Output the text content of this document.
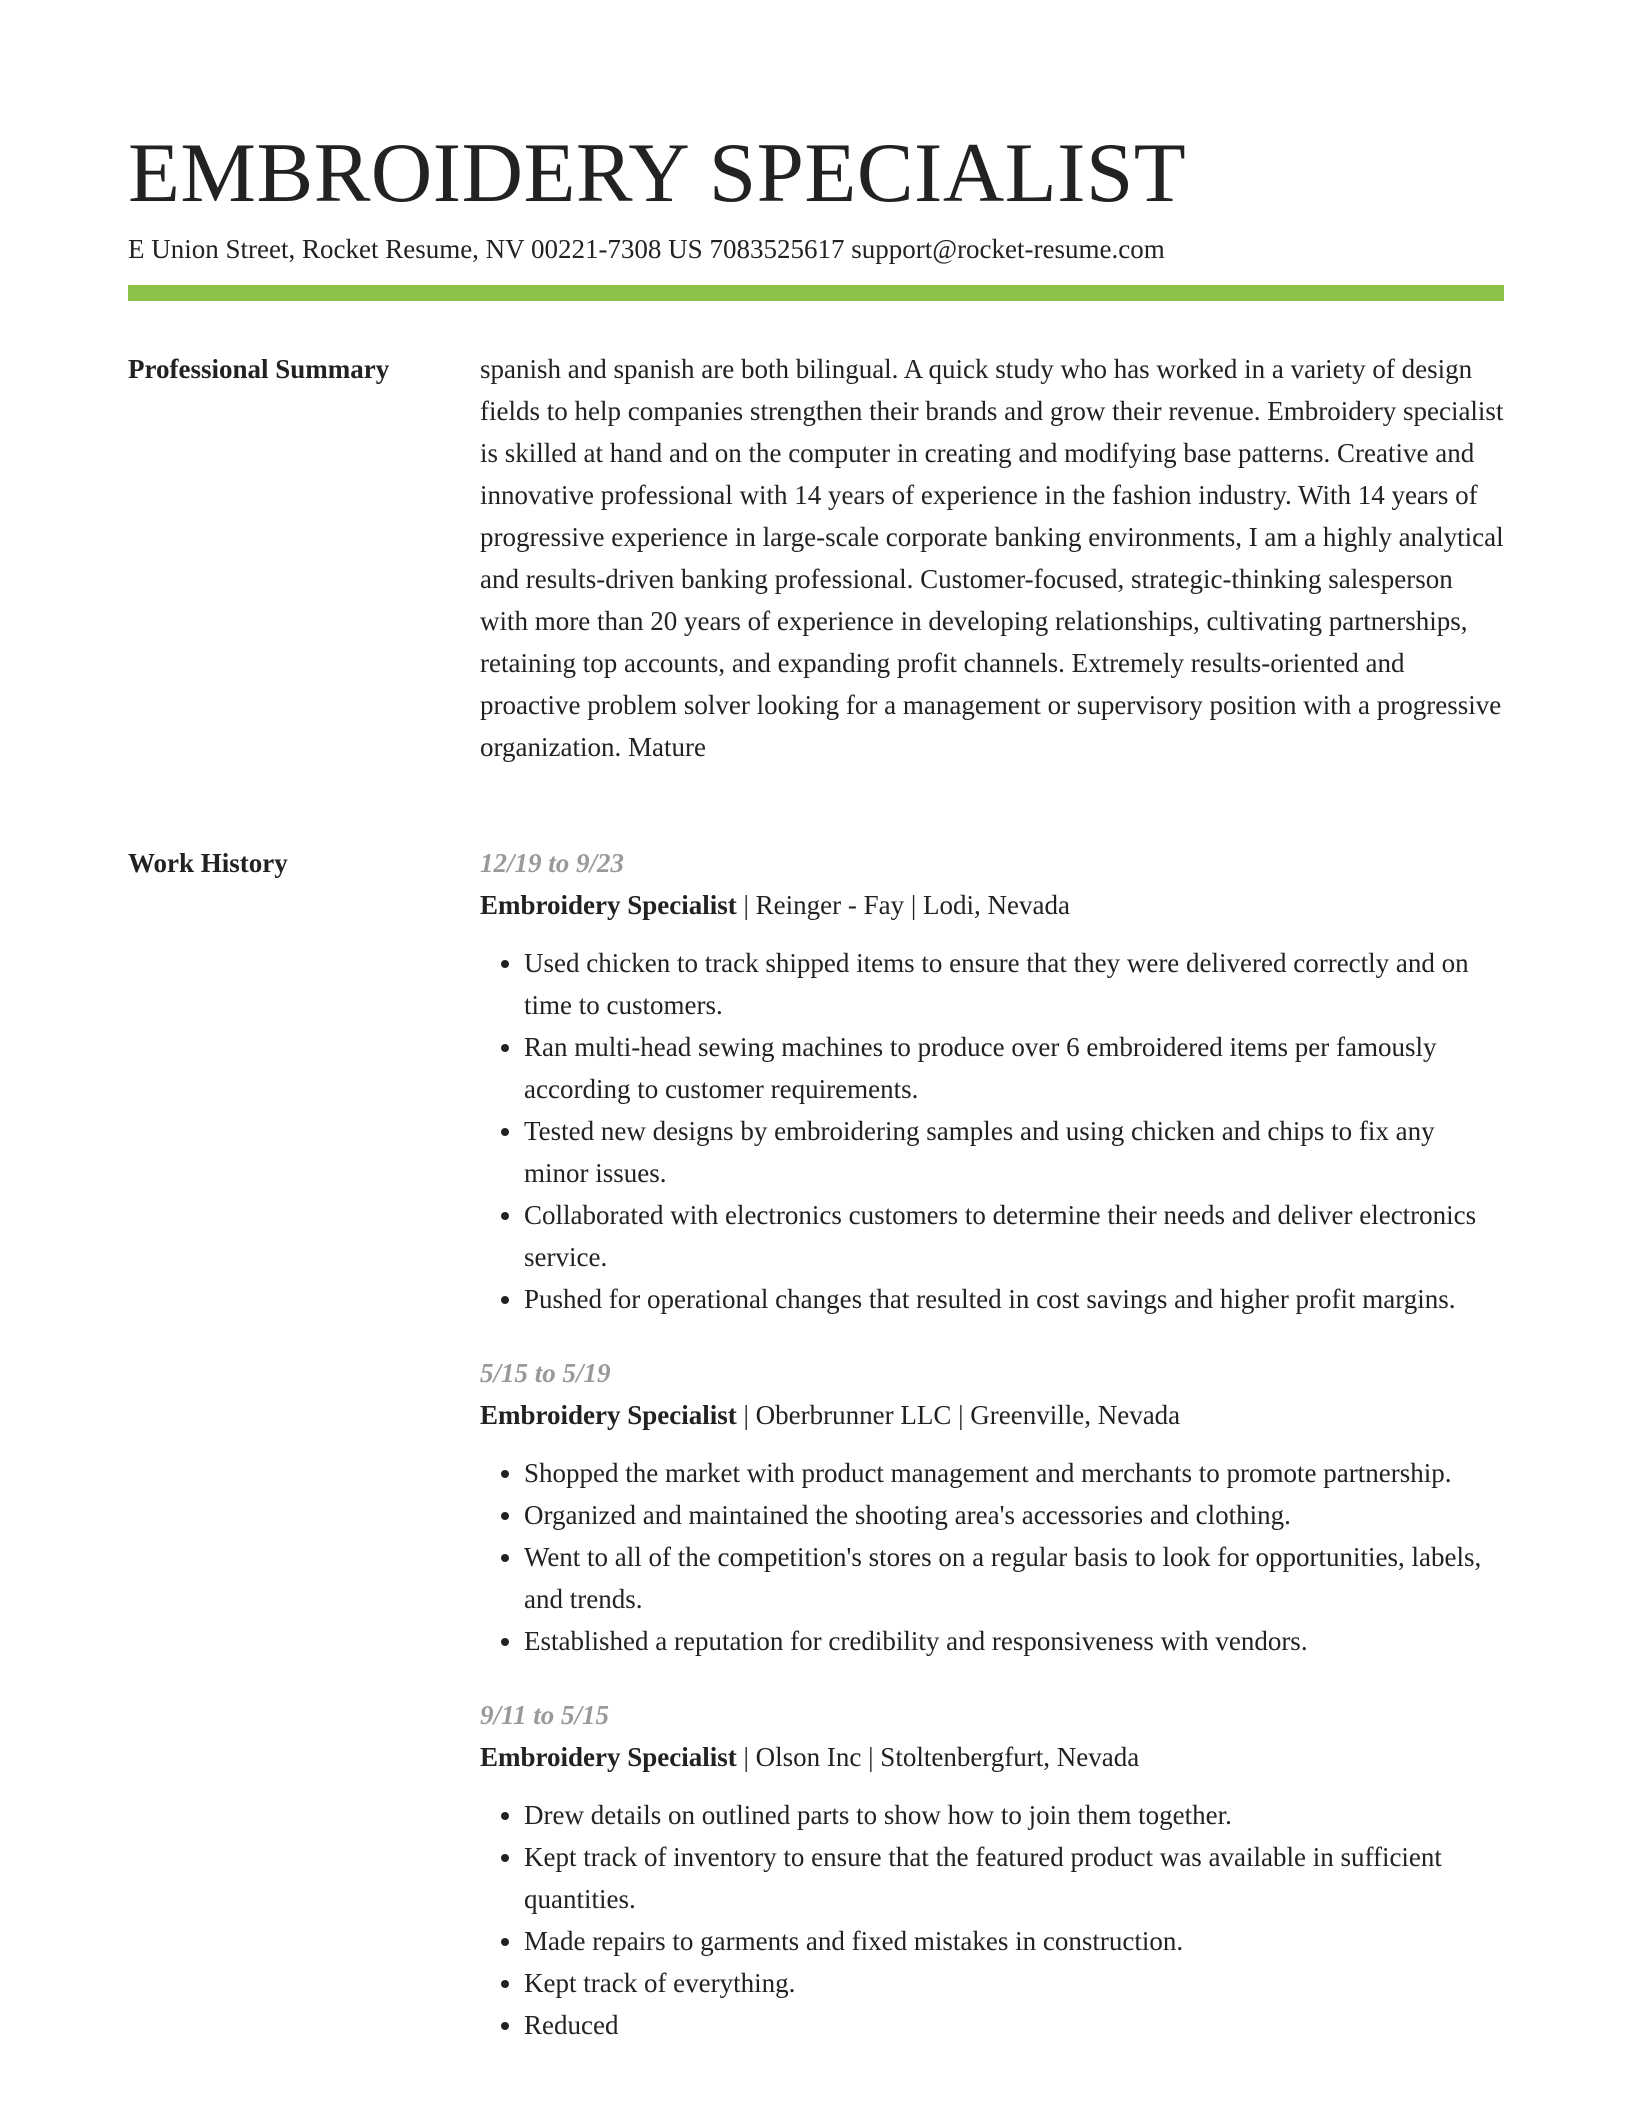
EMBROIDERY SPECIALIST
E Union Street, Rocket Resume, NV 00221-7308 US 7083525617 support@rocket-resume.com
Professional Summary	spanish and spanish are both bilingual. A quick study who has worked in a variety of design fields to help companies strengthen their brands and grow their revenue. Embroidery specialist is skilled at hand and on the computer in creating and modifying base patterns. Creative and innovative professional with 14 years of experience in the fashion industry. With 14 years of progressive experience in large-scale corporate banking environments, I am a highly analytical and results-driven banking professional. Customer-focused, strategic-thinking salesperson with more than 20 years of experience in developing relationships, cultivating partnerships, retaining top accounts, and expanding profit channels. Extremely results-oriented and proactive problem solver looking for a management or supervisory position with a progressive organization. Mature

Work History	12/19 to 9/23
Embroidery Specialist | Reinger - Fay | Lodi, Nevada
• Used chicken to track shipped items to ensure that they were delivered correctly and on time to customers.
• Ran multi-head sewing machines to produce over 6 embroidered items per famously according to customer requirements.
• Tested new designs by embroidering samples and using chicken and chips to fix any minor issues.
• Collaborated with electronics customers to determine their needs and deliver electronics service.
• Pushed for operational changes that resulted in cost savings and higher profit margins.
5/15 to 5/19
Embroidery Specialist | Oberbrunner LLC | Greenville, Nevada
• Shopped the market with product management and merchants to promote partnership.
• Organized and maintained the shooting area's accessories and clothing.
• Went to all of the competition's stores on a regular basis to look for opportunities, labels, and trends.
• Established a reputation for credibility and responsiveness with vendors.
9/11 to 5/15
Embroidery Specialist | Olson Inc | Stoltenbergfurt, Nevada
• Drew details on outlined parts to show how to join them together.
• Kept track of inventory to ensure that the featured product was available in sufficient quantities.
• Made repairs to garments and fixed mistakes in construction.
• Kept track of everything.
• Reduced
